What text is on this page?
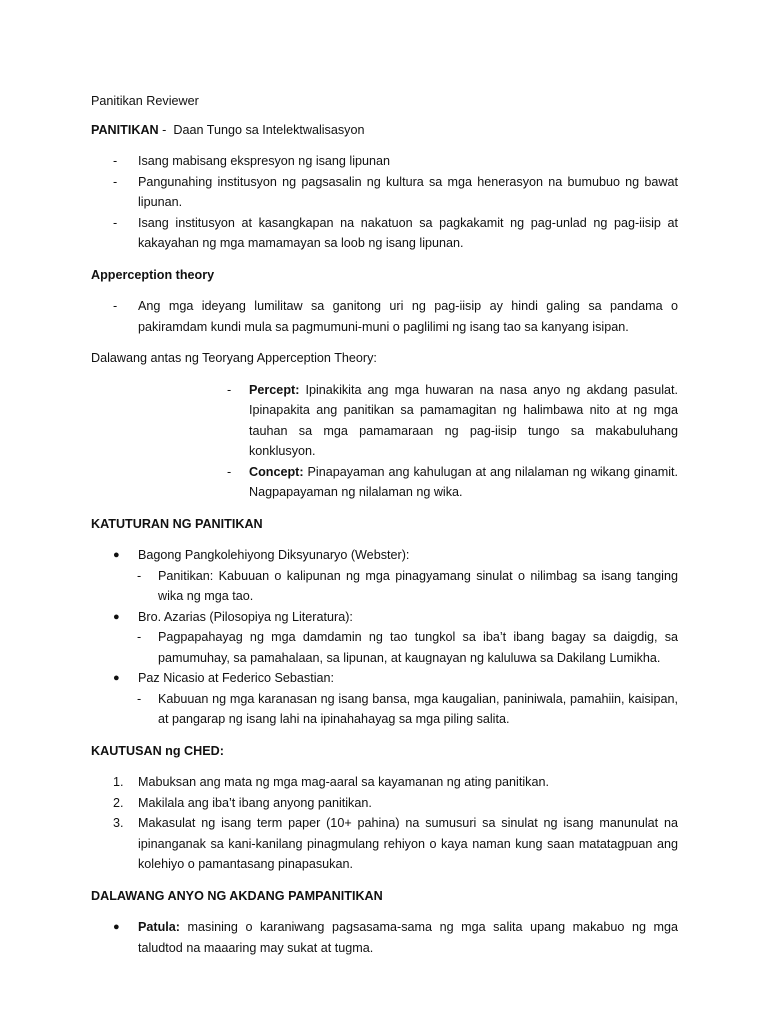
Panitikan Reviewer

PANITIKAN -  Daan Tungo sa Intelektwalisasyon

- Isang mabisang ekspresyon ng isang lipunan
- Pangunahing institusyon ng pagsasalin ng kultura sa mga henerasyon na bumubuo ng bawat lipunan.
- Isang institusyon at kasangkapan na nakatuon sa pagkakamit ng pag-unlad ng pag-iisip at kakayahan ng mga mamamayan sa loob ng isang lipunan.

Apperception theory

- Ang mga ideyang lumilitaw sa ganitong uri ng pag-iisip ay hindi galing sa pandama o pakiramdam kundi mula sa pagmumuni-muni o paglilimi ng isang tao sa kanyang isipan.

Dalawang antas ng Teoryang Apperception Theory:

- Percept: Ipinakikita ang mga huwaran na nasa anyo ng akdang pasulat. Ipinapakita ang panitikan sa pamamagitan ng halimbawa nito at ng mga tauhan sa mga pamamaraan ng pag-iisip tungo sa makabuluhang konklusyon.
- Concept: Pinapayaman ang kahulugan at ang nilalaman ng wikang ginamit. Nagpapayaman ng nilalaman ng wika.

KATUTURAN NG PANITIKAN

● Bagong Pangkolehiyong Diksyunaryo (Webster):
- Panitikan: Kabuuan o kalipunan ng mga pinagyamang sinulat o nilimbag sa isang tanging wika ng mga tao.
● Bro. Azarias (Pilosopiya ng Literatura):
- Pagpapahayag ng mga damdamin ng tao tungkol sa iba’t ibang bagay sa daigdig, sa pamumuhay, sa pamahalaan, sa lipunan, at kaugnayan ng kaluluwa sa Dakilang Lumikha.
● Paz Nicasio at Federico Sebastian:
- Kabuuan ng mga karanasan ng isang bansa, mga kaugalian, paniniwala, pamahiin, kaisipan, at pangarap ng isang lahi na ipinahahayag sa mga piling salita.

KAUTUSAN ng CHED:

1. Mabuksan ang mata ng mga mag-aaral sa kayamanan ng ating panitikan.
2. Makilala ang iba’t ibang anyong panitikan.
3. Makasulat ng isang term paper (10+ pahina) na sumusuri sa sinulat ng isang manunulat na ipinanganak sa kani-kanilang pinagmulang rehiyon o kaya naman kung saan matatagpuan ang kolehiyo o pamantasang pinapasukan.

DALAWANG ANYO NG AKDANG PAMPANITIKAN

● Patula: masining o karaniwang pagsasama-sama ng mga salita upang makabuo ng mga taludtod na maaaring may sukat at tugma.
